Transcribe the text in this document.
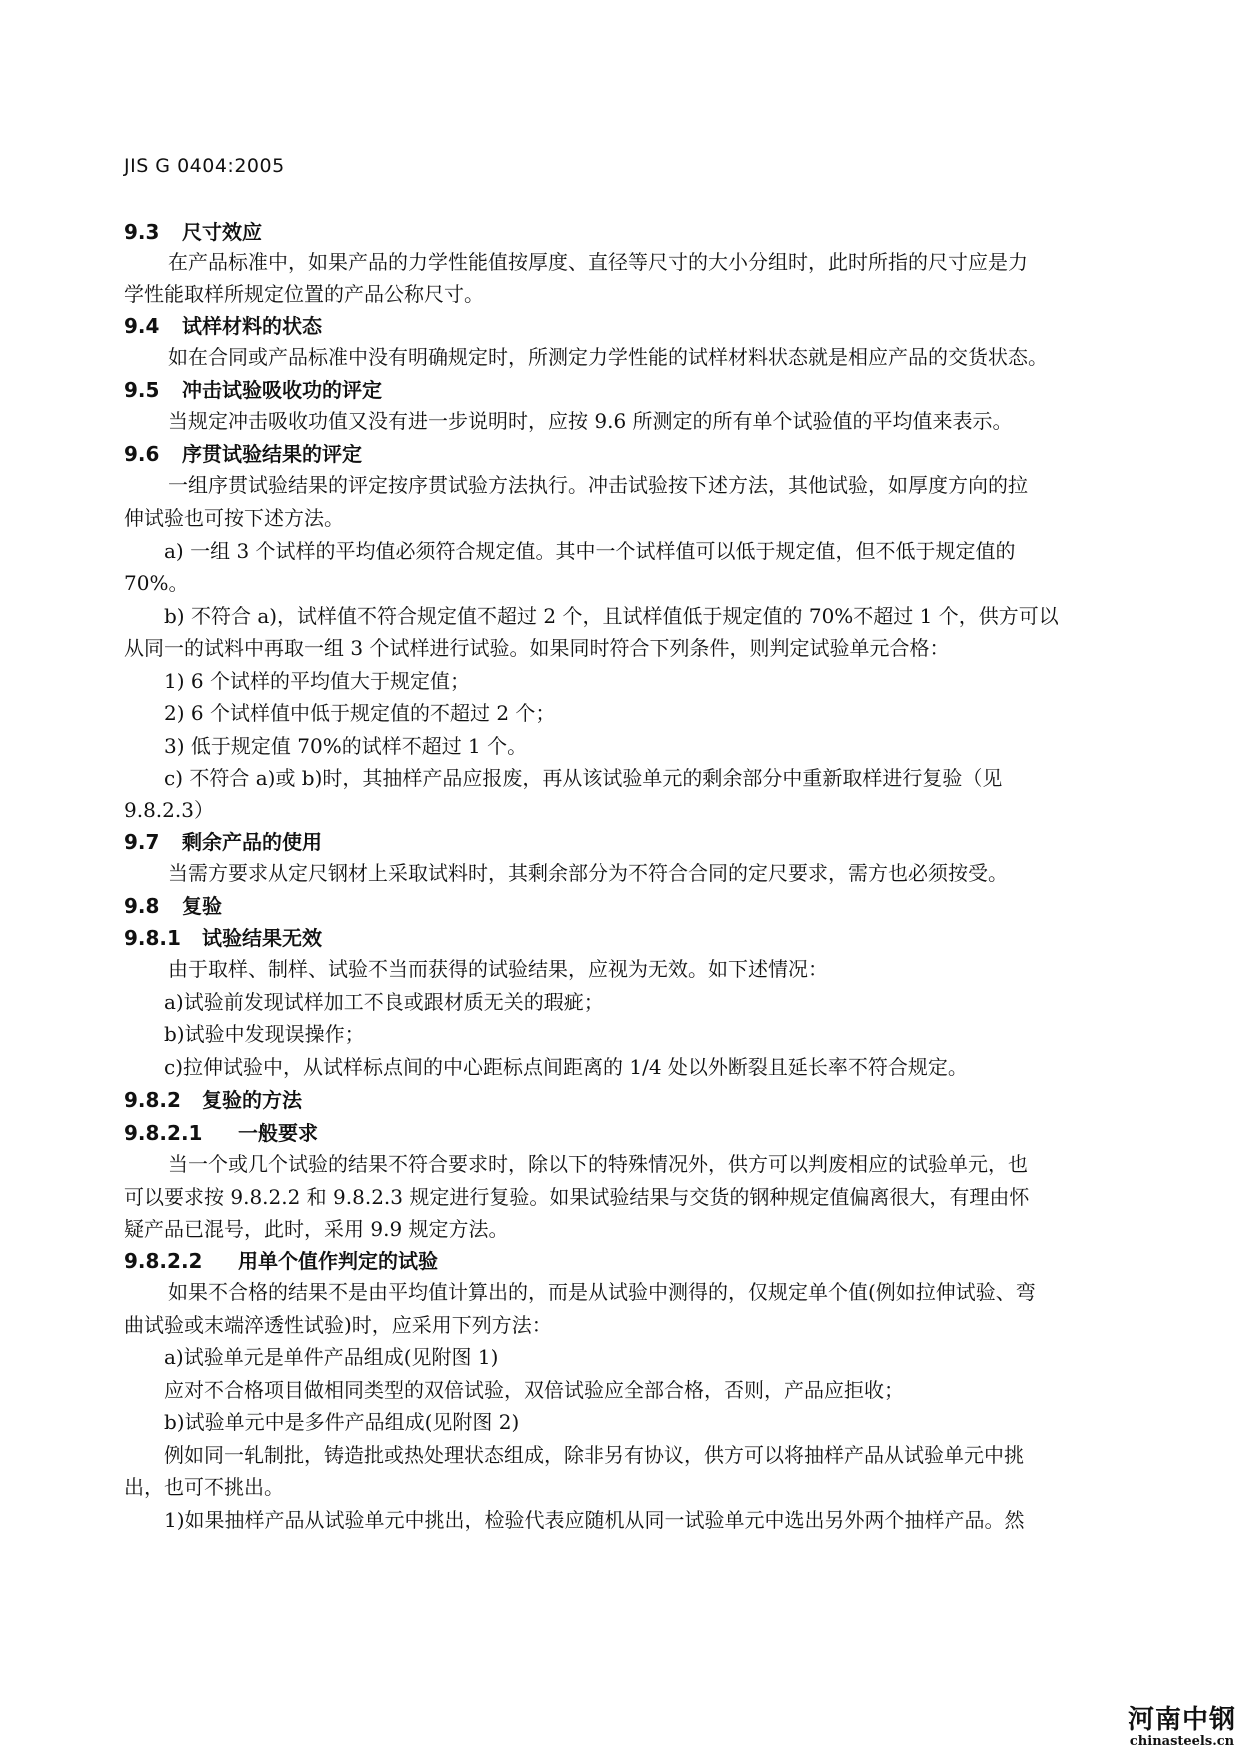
JIS G 0404:2005
9.3 尺寸效应
在产品标准中，如果产品的力学性能值按厚度、直径等尺寸的大小分组时，此时所指的尺寸应是力
学性能取样所规定位置的产品公称尺寸。
9.4 试样材料的状态
如在合同或产品标准中没有明确规定时，所测定力学性能的试样材料状态就是相应产品的交货状态。
9.5 冲击试验吸收功的评定
当规定冲击吸收功值又没有进一步说明时，应按 9.6 所测定的所有单个试验值的平均值来表示。
9.6 序贯试验结果的评定
一组序贯试验结果的评定按序贯试验方法执行。冲击试验按下述方法，其他试验，如厚度方向的拉
伸试验也可按下述方法。
a) 一组 3 个试样的平均值必须符合规定值。其中一个试样值可以低于规定值，但不低于规定值的
70%。
b) 不符合 a)，试样值不符合规定值不超过 2 个，且试样值低于规定值的 70%不超过 1 个，供方可以
从同一的试料中再取一组 3 个试样进行试验。如果同时符合下列条件，则判定试验单元合格：
1) 6 个试样的平均值大于规定值；
2) 6 个试样值中低于规定值的不超过 2 个；
3) 低于规定值 70%的试样不超过 1 个。
c) 不符合 a)或 b)时，其抽样产品应报废，再从该试验单元的剩余部分中重新取样进行复验（见
9.8.2.3）
9.7 剩余产品的使用
当需方要求从定尺钢材上采取试料时，其剩余部分为不符合合同的定尺要求，需方也必须按受。
9.8 复验
9.8.1 试验结果无效
由于取样、制样、试验不当而获得的试验结果，应视为无效。如下述情况：
a)试验前发现试样加工不良或跟材质无关的瑕疵；
b)试验中发现误操作；
c)拉伸试验中，从试样标点间的中心距标点间距离的 1/4 处以外断裂且延长率不符合规定。
9.8.2 复验的方法
9.8.2.1 一般要求
当一个或几个试验的结果不符合要求时，除以下的特殊情况外，供方可以判废相应的试验单元，也
可以要求按 9.8.2.2 和 9.8.2.3 规定进行复验。如果试验结果与交货的钢种规定值偏离很大，有理由怀
疑产品已混号，此时，采用 9.9 规定方法。
9.8.2.2 用单个值作判定的试验
如果不合格的结果不是由平均值计算出的，而是从试验中测得的，仅规定单个值(例如拉伸试验、弯
曲试验或末端淬透性试验)时，应采用下列方法：
a)试验单元是单件产品组成(见附图 1)
应对不合格项目做相同类型的双倍试验，双倍试验应全部合格，否则，产品应拒收；
b)试验单元中是多件产品组成(见附图 2)
例如同一轧制批，铸造批或热处理状态组成，除非另有协议，供方可以将抽样产品从试验单元中挑
出，也可不挑出。
1)如果抽样产品从试验单元中挑出，检验代表应随机从同一试验单元中选出另外两个抽样产品。然
河南中钢
chinasteels.cn
